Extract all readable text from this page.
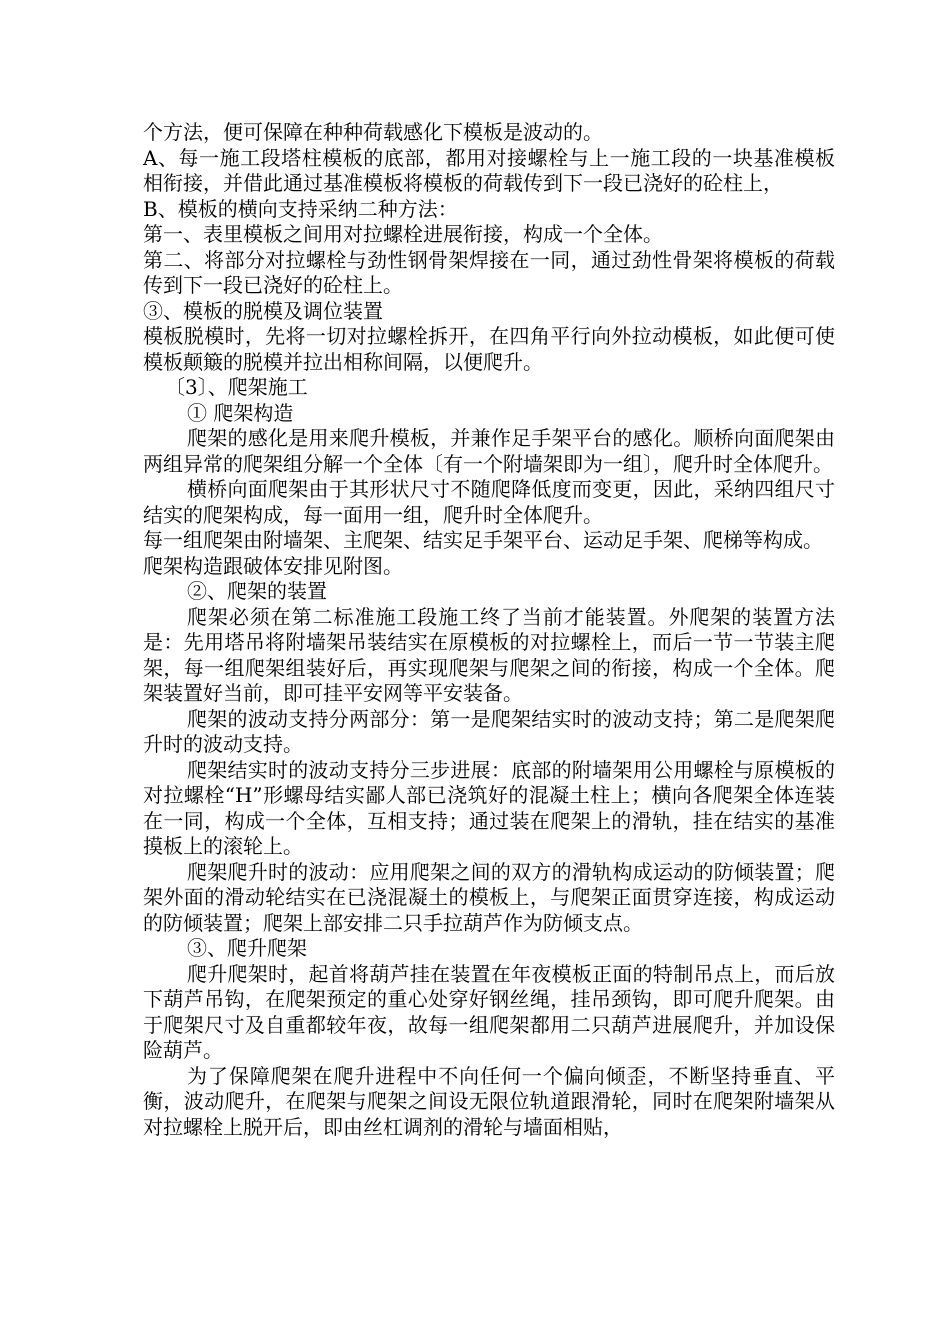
个方法，便可保障在种种荷载感化下模板是波动的。

A、每一施工段塔柱模板的底部，都用对接螺栓与上一施工段的一块基准模板相衔接，并借此通过基准模板将模板的荷载传到下一段已浇好的砼柱上，

B、模板的横向支持采纳二种方法：

第一、表里模板之间用对拉螺栓进展衔接，构成一个全体。

第二、将部分对拉螺栓与劲性钢骨架焊接在一同，通过劲性骨架将模板的荷载传到下一段已浇好的砼柱上。

③、模板的脱模及调位装置

模板脱模时，先将一切对拉螺栓拆开，在四角平行向外拉动模板，如此便可使模板颠簸的脱模并拉出相称间隔，以便爬升。

〔3〕、爬架施工

① 爬架构造

爬架的感化是用来爬升模板，并兼作足手架平台的感化。顺桥向面爬架由两组异常的爬架组分解一个全体〔有一个附墙架即为一组〕，爬升时全体爬升。

横桥向面爬架由于其形状尺寸不随爬降低度而变更，因此，采纳四组尺寸结实的爬架构成，每一面用一组，爬升时全体爬升。

每一组爬架由附墙架、主爬架、结实足手架平台、运动足手架、爬梯等构成。

爬架构造跟破体安排见附图。

②、爬架的装置

爬架必须在第二标准施工段施工终了当前才能装置。外爬架的装置方法是：先用塔吊将附墙架吊装结实在原模板的对拉螺栓上，而后一节一节装主爬架，每一组爬架组装好后，再实现爬架与爬架之间的衔接，构成一个全体。爬架装置好当前，即可挂平安网等平安装备。

爬架的波动支持分两部分：第一是爬架结实时的波动支持；第二是爬架爬升时的波动支持。

爬架结实时的波动支持分三步进展：底部的附墙架用公用螺栓与原模板的对拉螺栓“H”形螺母结实鄙人部已浇筑好的混凝土柱上；横向各爬架全体连装在一同，构成一个全体，互相支持；通过装在爬架上的滑轨，挂在结实的基准摸板上的滚轮上。

爬架爬升时的波动：应用爬架之间的双方的滑轨构成运动的防倾装置；爬架外面的滑动轮结实在已浇混凝土的模板上，与爬架正面贯穿连接，构成运动的防倾装置；爬架上部安排二只手拉葫芦作为防倾支点。

③、爬升爬架

爬升爬架时，起首将葫芦挂在装置在年夜模板正面的特制吊点上，而后放下葫芦吊钩，在爬架预定的重心处穿好钢丝绳，挂吊颈钩，即可爬升爬架。由于爬架尺寸及自重都较年夜，故每一组爬架都用二只葫芦进展爬升，并加设保险葫芦。

为了保障爬架在爬升进程中不向任何一个偏向倾歪，不断坚持垂直、平衡，波动爬升，在爬架与爬架之间设无限位轨道跟滑轮，同时在爬架附墙架从对拉螺栓上脱开后，即由丝杠调剂的滑轮与墙面相贴，
